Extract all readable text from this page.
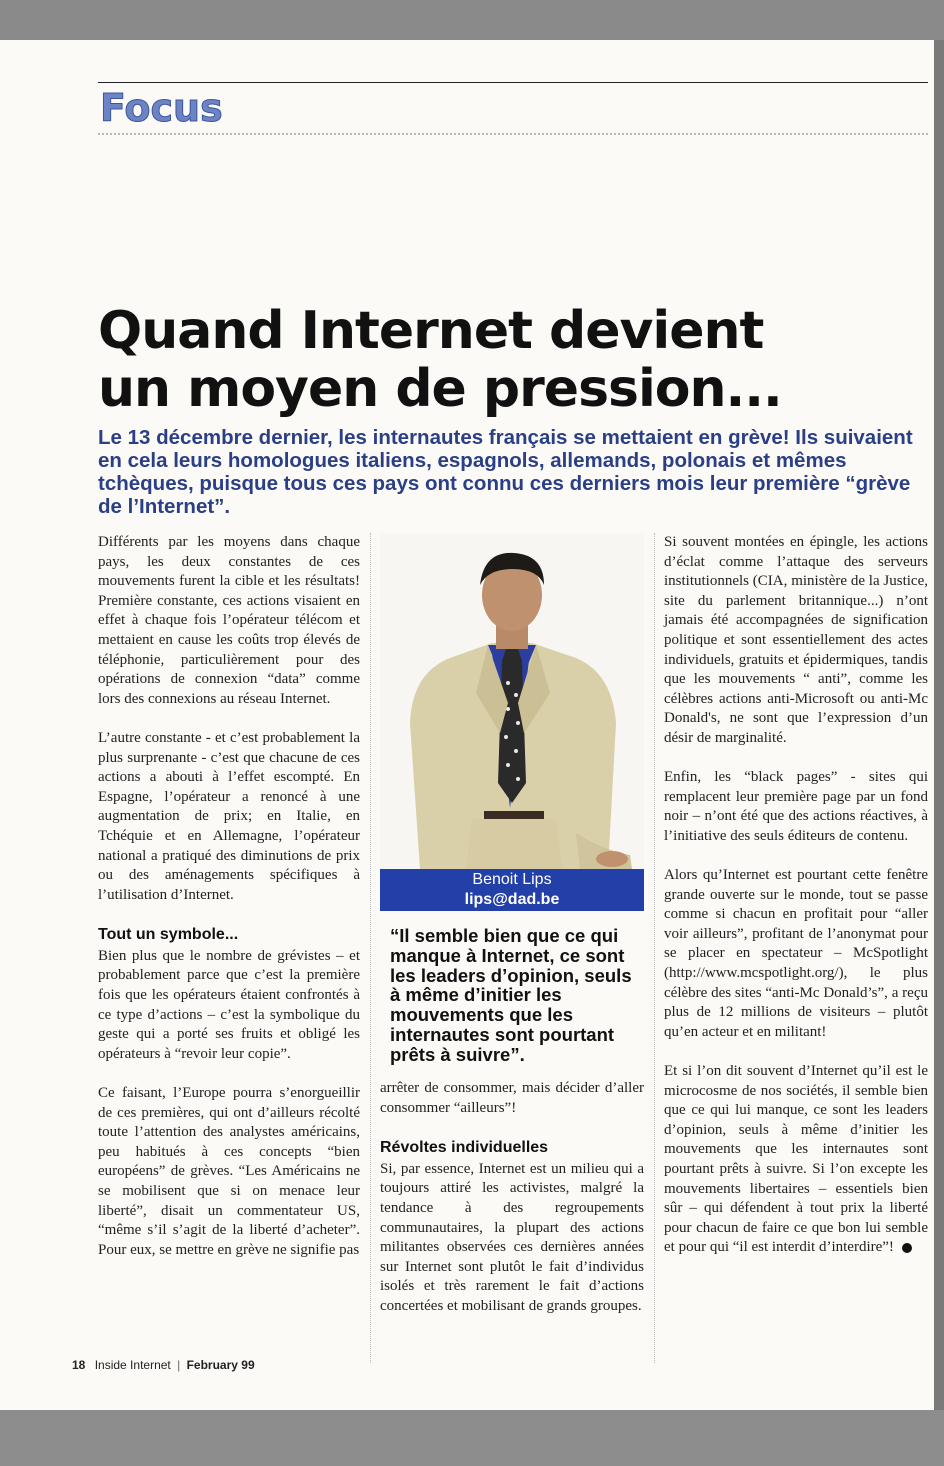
Focus
Quand Internet devient
un moyen de pression...
Le 13 décembre dernier, les internautes français se mettaient en grève! Ils suivaient en cela leurs homologues italiens, espagnols, allemands, polonais et mêmes tchèques, puisque tous ces pays ont connu ces derniers mois leur première “grève de l’Internet”.

Différents par les moyens dans chaque pays, les deux constantes de ces mouvements furent la cible et les résultats! Première constante, ces actions visaient en effet à chaque fois l’opérateur télécom et mettaient en cause les coûts trop élevés de téléphonie, particulièrement pour des opérations de connexion “data” comme lors des connexions au réseau Internet.

L’autre constante - et c’est probablement la plus surprenante - c’est que chacune de ces actions a abouti à l’effet escompté. En Espagne, l’opérateur a renoncé à une augmentation de prix; en Italie, en Tchéquie et en Allemagne, l’opérateur national a pratiqué des diminutions de prix ou des aménagements spécifiques à l’utilisation d’Internet.

Tout un symbole...

Bien plus que le nombre de grévistes – et probablement parce que c’est la première fois que les opérateurs étaient confrontés à ce type d’actions – c’est la symbolique du geste qui a porté ses fruits et obligé les opérateurs à “revoir leur copie”.

Ce faisant, l’Europe pourra s’enorgueillir de ces premières, qui ont d’ailleurs récolté toute l’attention des analystes américains, peu habitués à ces concepts “bien européens” de grèves. “Les Américains ne se mobilisent que si on menace leur liberté”, disait un commentateur US, “même s’il s’agit de la liberté d’acheter”. Pour eux, se mettre en grève ne signifie pas

Benoit Lips
lips@dad.be
“Il semble bien que ce qui manque à Internet, ce sont les leaders d’opinion, seuls à même d’initier les mouvements que les internautes sont pourtant prêts à suivre”.

arrêter de consommer, mais décider d’aller consommer “ailleurs”!

Révoltes individuelles

Si, par essence, Internet est un milieu qui a toujours attiré les activistes, malgré la tendance à des regroupements communautaires, la plupart des actions militantes observées ces dernières années sur Internet sont plutôt le fait d’individus isolés et très rarement le fait d’actions concertées et mobilisant de grands groupes.

Si souvent montées en épingle, les actions d’éclat comme l’attaque des serveurs institutionnels (CIA, ministère de la Justice, site du parlement britannique...) n’ont jamais été accompagnées de signification politique et sont essentiellement des actes individuels, gratuits et épidermiques, tandis que les mouvements “ anti”, comme les célèbres actions anti-Microsoft ou anti-Mc Donald's, ne sont que l’expression d’un désir de marginalité.

Enfin, les “black pages” - sites qui remplacent leur première page par un fond noir – n’ont été que des actions réactives, à l’initiative des seuls éditeurs de contenu.

Alors qu’Internet est pourtant cette fenêtre grande ouverte sur le monde, tout se passe comme si chacun en profitait pour “aller voir ailleurs”, profitant de l’anonymat pour se placer en spectateur – McSpotlight (http://www.mcspotlight.org/), le plus célèbre des sites “anti-Mc Donald’s”, a reçu plus de 12 millions de visiteurs – plutôt qu’en acteur et en militant!

Et si l’on dit souvent d’Internet qu’il est le microcosme de nos sociétés, il semble bien que ce qui lui manque, ce sont les leaders d’opinion, seuls à même d’initier les mouvements que les internautes sont pourtant prêts à suivre. Si l’on excepte les mouvements libertaires – essentiels bien sûr – qui défendent à tout prix la liberté pour chacun de faire ce que bon lui semble et pour qui “il est interdit d’interdire”!

18 Inside Internet | February 99
